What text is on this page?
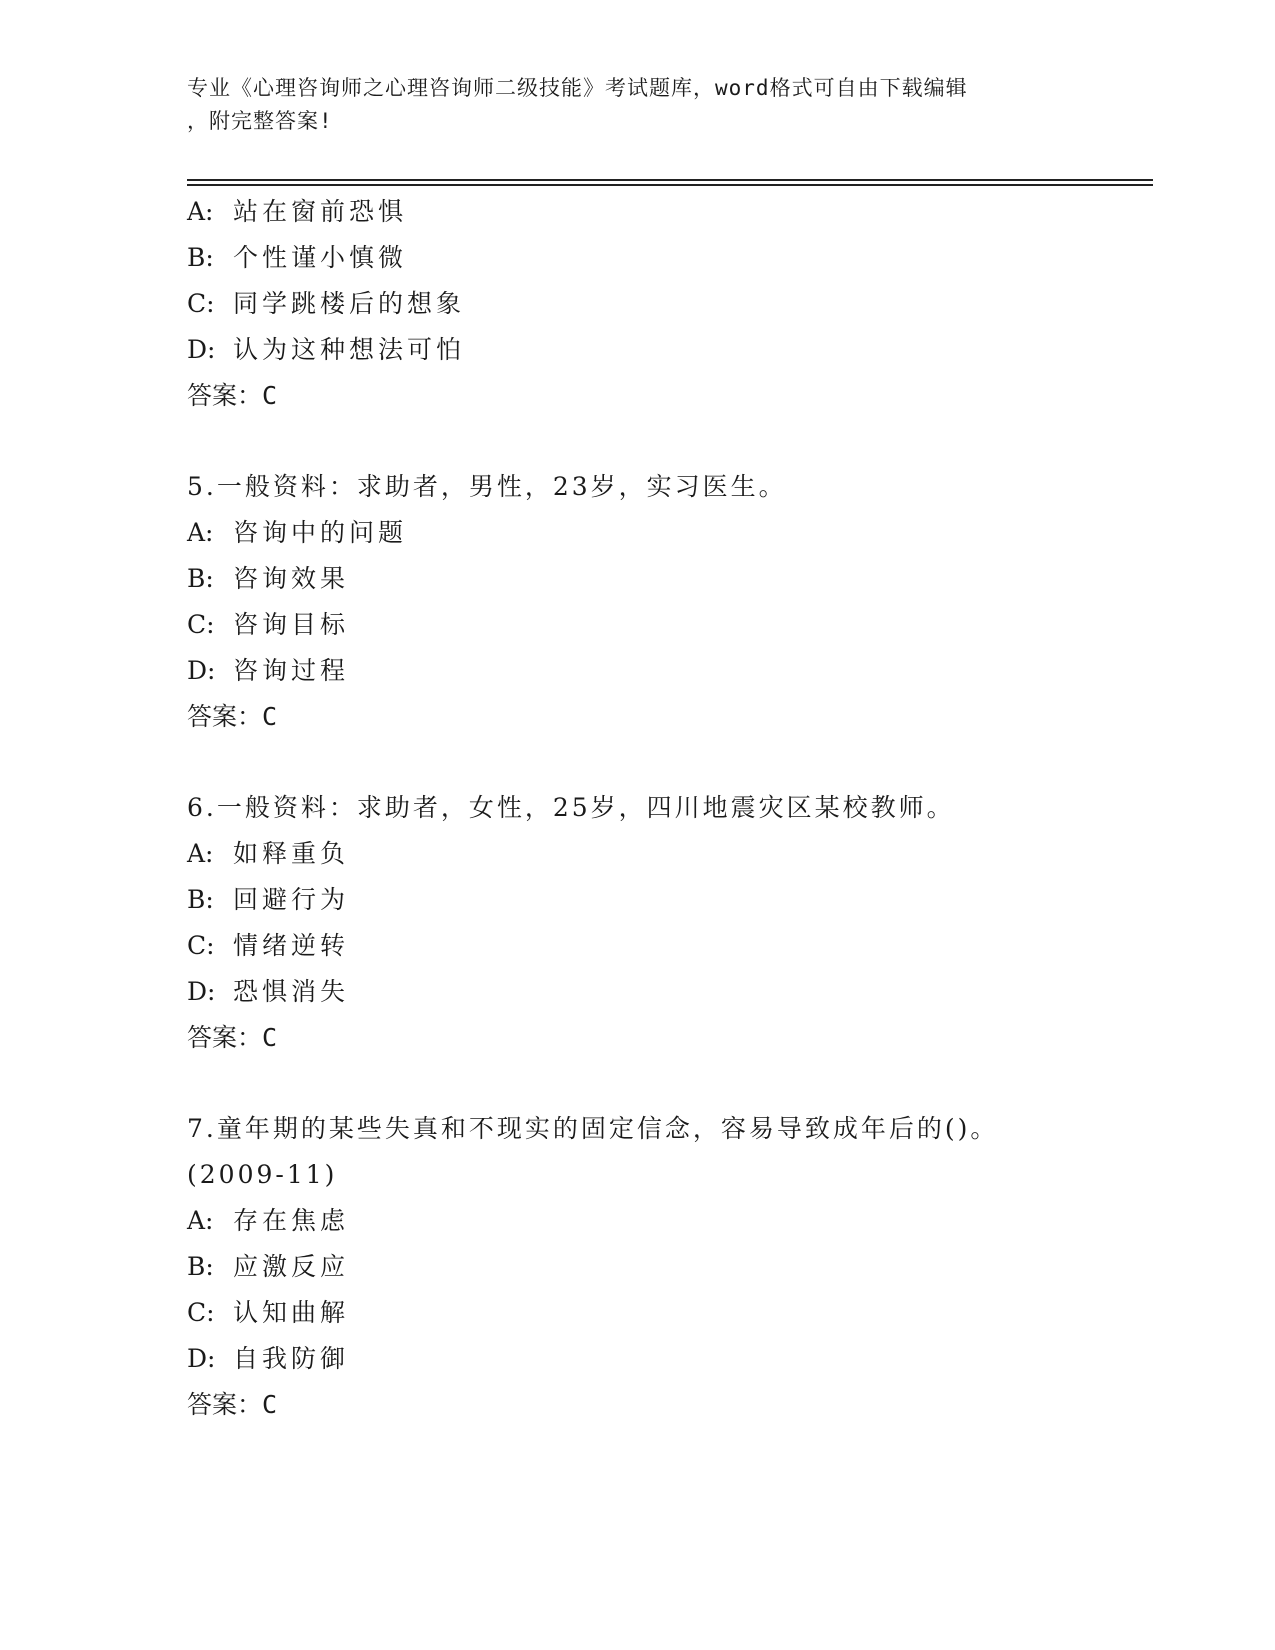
专业《心理咨询师之心理咨询师二级技能》考试题库，word格式可自由下载编辑
，附完整答案!
A: 站在窗前恐惧
B: 个性谨小慎微
C: 同学跳楼后的想象
D: 认为这种想法可怕
答案：C
5.一般资料：求助者，男性，23岁，实习医生。
A: 咨询中的问题
B: 咨询效果
C: 咨询目标
D: 咨询过程
答案：C
6.一般资料：求助者，女性，25岁，四川地震灾区某校教师。
A: 如释重负
B: 回避行为
C: 情绪逆转
D: 恐惧消失
答案：C
7.童年期的某些失真和不现实的固定信念，容易导致成年后的()。
(2009-11)
A: 存在焦虑
B: 应激反应
C: 认知曲解
D: 自我防御
答案：C
